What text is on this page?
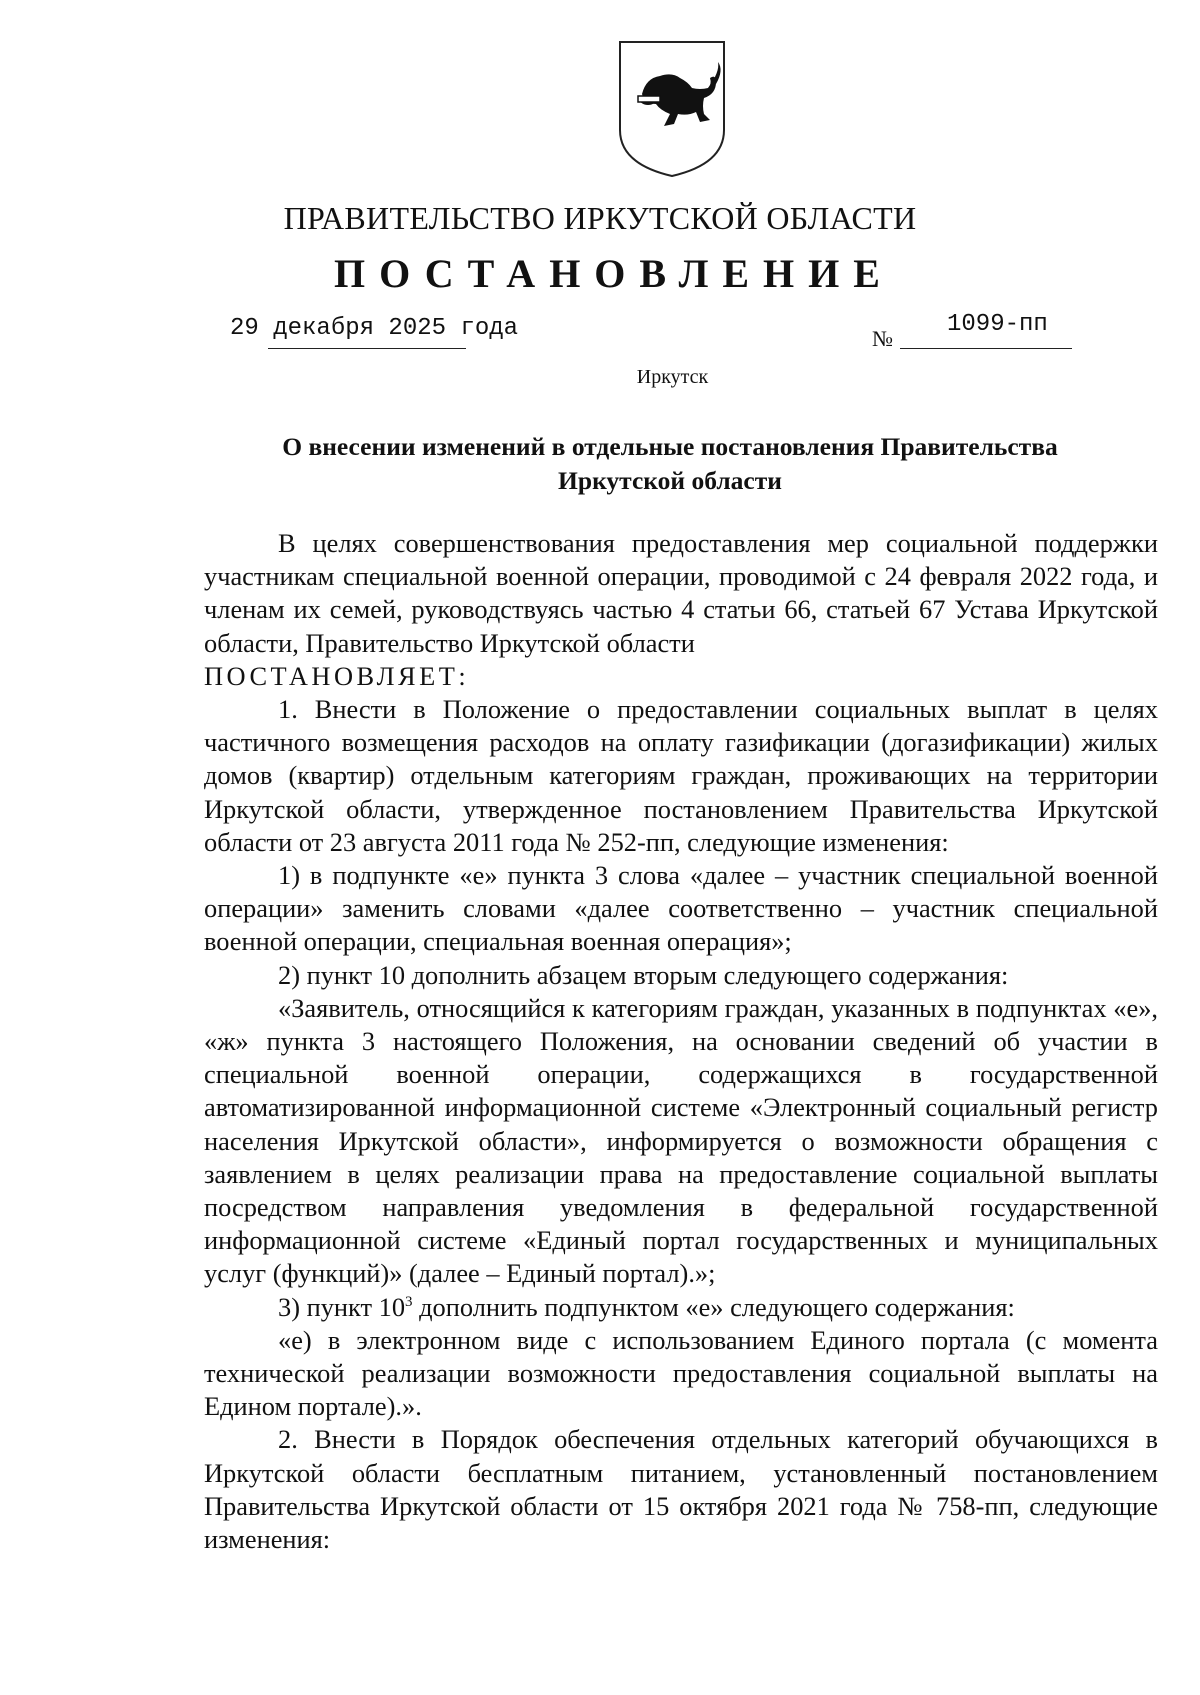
ПРАВИТЕЛЬСТВО ИРКУТСКОЙ ОБЛАСТИ
ПОСТАНОВЛЕНИЕ
29 декабря 2025 года	№
1099-пп
Иркутск
О внесении изменений в отдельные постановления Правительства
Иркутской области

В целях совершенствования предоставления мер социальной поддержки участникам специальной военной операции, проводимой с 24 февраля 2022 года, и членам их семей, руководствуясь частью 4 статьи 66, статьей 67 Устава Иркутской области, Правительство Иркутской области

ПОСТАНОВЛЯЕТ:

1. Внести в Положение о предоставлении социальных выплат в целях частичного возмещения расходов на оплату газификации (догазификации) жилых домов (квартир) отдельным категориям граждан, проживающих на территории Иркутской области, утвержденное постановлением Правительства Иркутской области от 23 августа 2011 года № 252-пп, следующие изменения:

1) в подпункте «е» пункта 3 слова «далее – участник специальной военной операции» заменить словами «далее соответственно – участник специальной военной операции, специальная военная операция»;

2) пункт 10 дополнить абзацем вторым следующего содержания:

«Заявитель, относящийся к категориям граждан, указанных в подпунктах «е», «ж» пункта 3 настоящего Положения, на основании сведений об участии в специальной военной операции, содержащихся в государственной автоматизированной информационной системе «Электронный социальный регистр населения Иркутской области», информируется о возможности обращения с заявлением в целях реализации права на предоставление социальной выплаты посредством направления уведомления в федеральной государственной информационной системе «Единый портал государственных и муниципальных услуг (функций)» (далее – Единый портал).»;

3) пункт $10^3$ дополнить подпунктом «е» следующего содержания:

«е) в электронном виде с использованием Единого портала (с момента технической реализации возможности предоставления социальной выплаты на Едином портале).».

2. Внести в Порядок обеспечения отдельных категорий обучающихся в Иркутской области бесплатным питанием, установленный постановлением Правительства Иркутской области от 15 октября 2021 года № 758-пп, следующие изменения:
